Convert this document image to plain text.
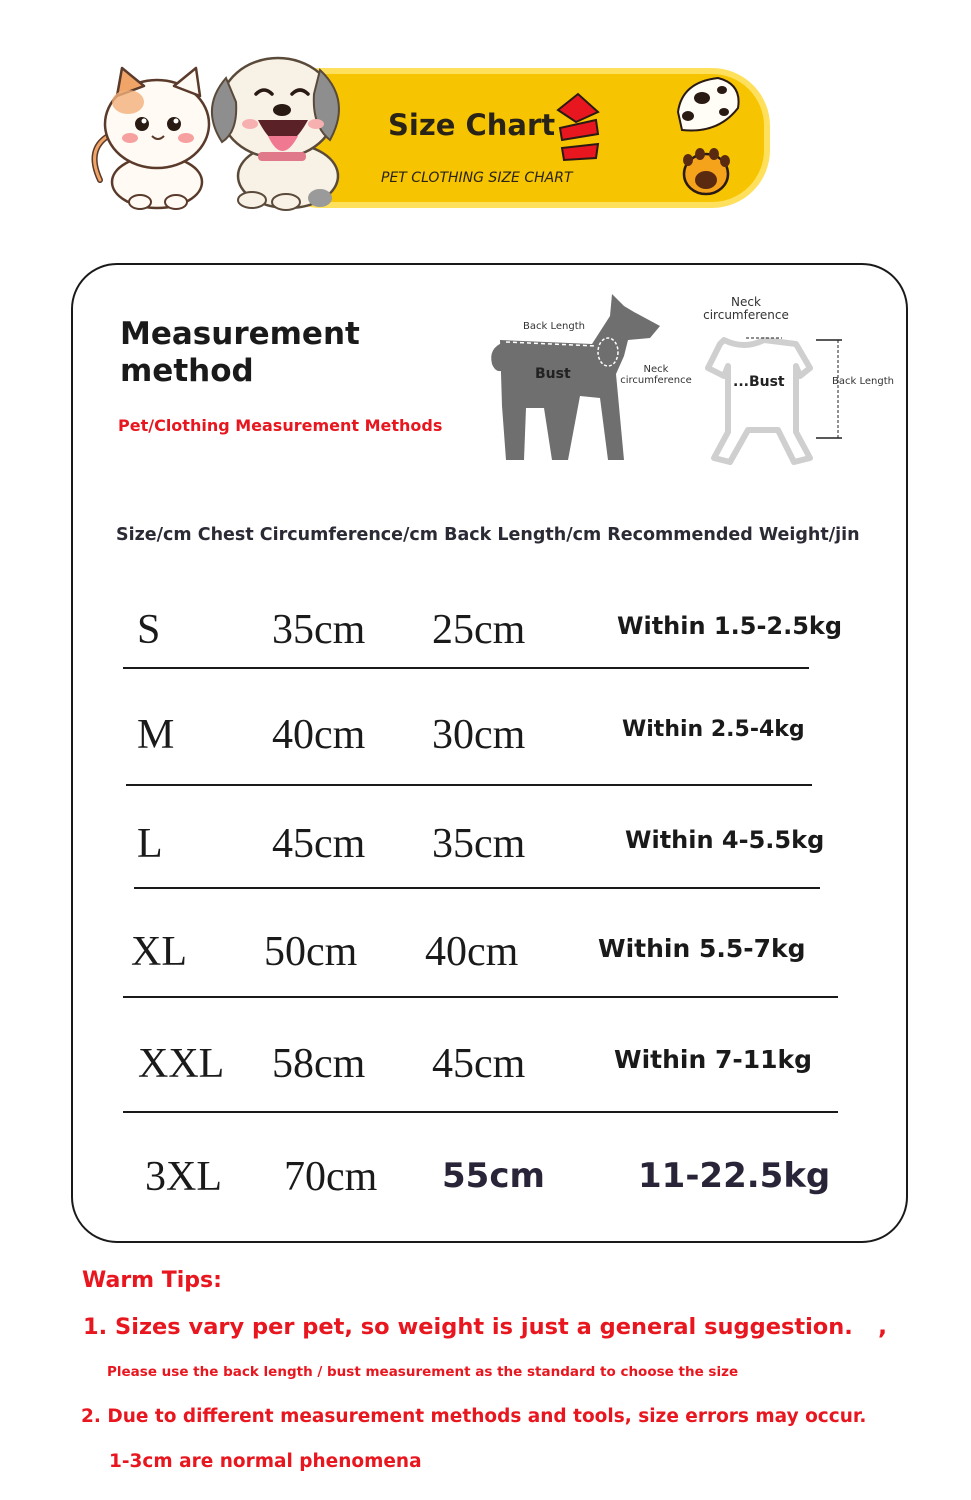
Size Chart
PET CLOTHING SIZE CHART
Measurement method
Pet/Clothing Measurement Methods
Back Length
Bust	Neck circumference
Neck circumference
...Bust	Back Length
Size/cm Chest Circumference/cm Back Length/cm Recommended Weight/jin
S	35cm 25cm	Within 1.5-2.5kg
M 40cm 30cm	Within 2.5-4kg
L	45cm 35cm	Within 4-5.5kg
XL 50cm 40cm	Within 5.5-7kg
XXL 58cm 45cm	Within 7-11kg
3XL 70cm 55cm	11-22.5kg
Warm Tips:
1. Sizes vary per pet, so weight is just a general suggestion. ,
Please use the back length / bust measurement as the standard to choose the size
2. Due to different measurement methods and tools, size errors may occur.
1-3cm are normal phenomena
